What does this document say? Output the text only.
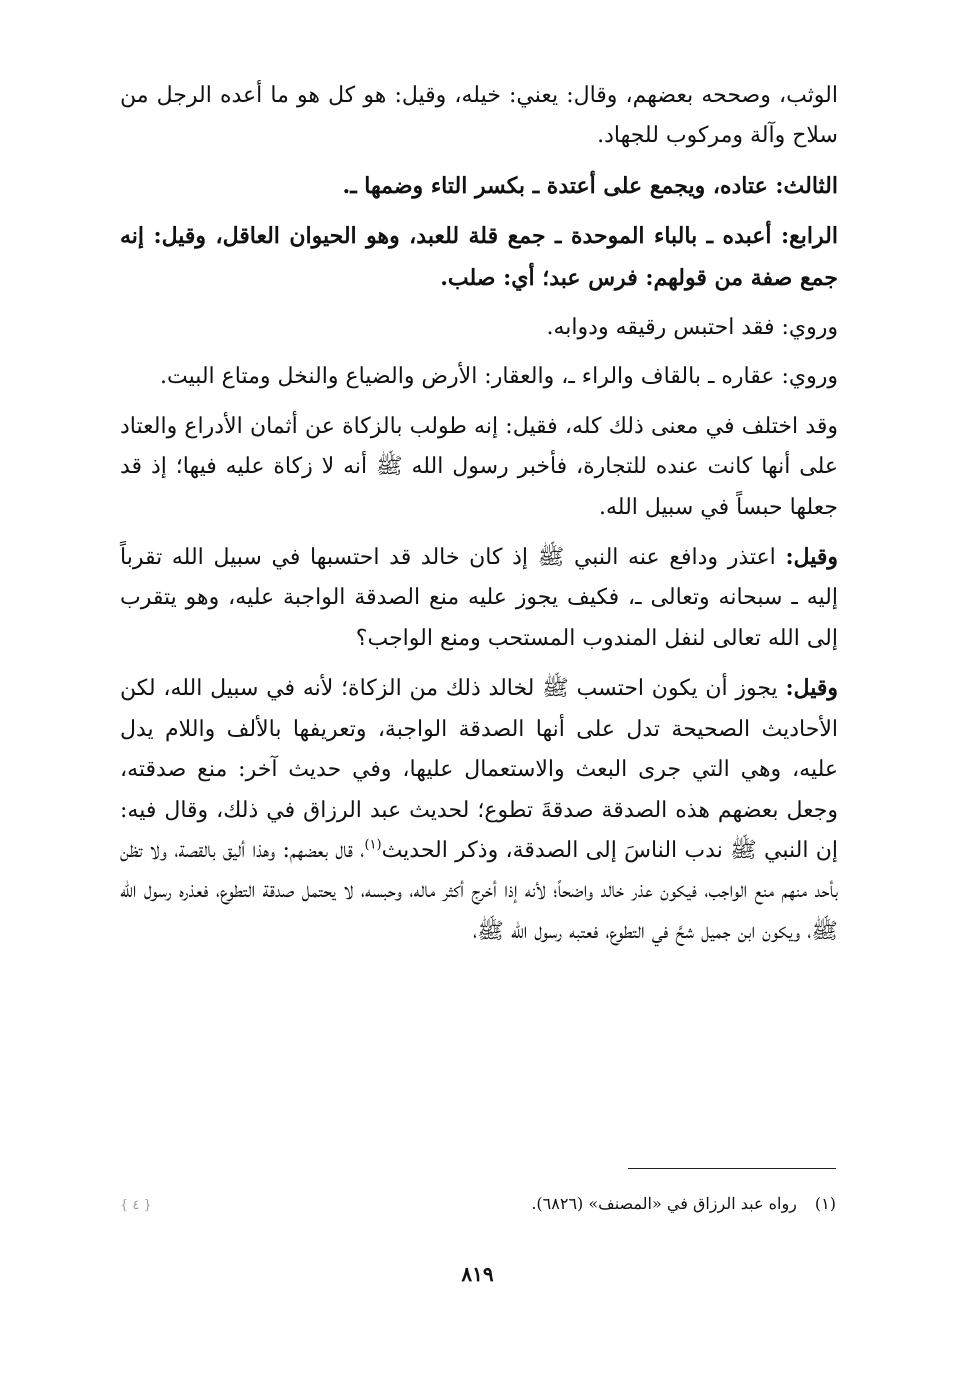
الوثب، وصححه بعضهم، وقال: يعني: خيله، وقيل: هو كل هو ما أعده الرجل من سلاح وآلة ومركوب للجهاد.

الثالث: عتاده، ويجمع على أعتدة ـ بكسر التاء وضمها ـ.

الرابع: أعبده ـ بالباء الموحدة ـ جمع قلة للعبد، وهو الحيوان العاقل، وقيل: إنه جمع صفة من قولهم: فرس عبد؛ أي: صلب.

وروي: فقد احتبس رقيقه ودوابه.

وروي: عقاره ـ بالقاف والراء ـ، والعقار: الأرض والضياع والنخل ومتاع البيت.

وقد اختلف في معنى ذلك كله، فقيل: إنه طولب بالزكاة عن أثمان الأدراع والعتاد على أنها كانت عنده للتجارة، فأخبر رسول الله ﷺ أنه لا زكاة عليه فيها؛ إذ قد جعلها حبساً في سبيل الله.

وقيل: اعتذر ودافع عنه النبي ﷺ إذ كان خالد قد احتسبها في سبيل الله تقرباً إليه ـ سبحانه وتعالى ـ، فكيف يجوز عليه منع الصدقة الواجبة عليه، وهو يتقرب إلى الله تعالى لنفل المندوب المستحب ومنع الواجب؟

وقيل: يجوز أن يكون احتسب ﷺ لخالد ذلك من الزكاة؛ لأنه في سبيل الله، لكن الأحاديث الصحيحة تدل على أنها الصدقة الواجبة، وتعريفها بالألف واللام يدل عليه، وهي التي جرى البعث والاستعمال عليها، وفي حديث آخر: منع صدقته، وجعل بعضهم هذه الصدقة صدقةَ تطوع؛ لحديث عبد الرزاق في ذلك، وقال فيه: إن النبي ﷺ ندب الناسَ إلى الصدقة، وذكر الحديث$^{(١)}$، قال بعضهم: وهذا أليق بالقصة، ولا تظن بأحد منهم منع الواجب، فيكون عذر خالد واضحاً؛ لأنه إذا أخرج أكثر ماله، وحبسه، لا يحتمل صدقة التطوع، فعذره رسول الله ﷺ، ويكون ابن جميل شحَّ في التطوع، فعتبه رسول الله ﷺ،

(١)رواه عبد الرزاق في «المصنف» (٦٨٢٦).
{ ٤ }
٨١٩
